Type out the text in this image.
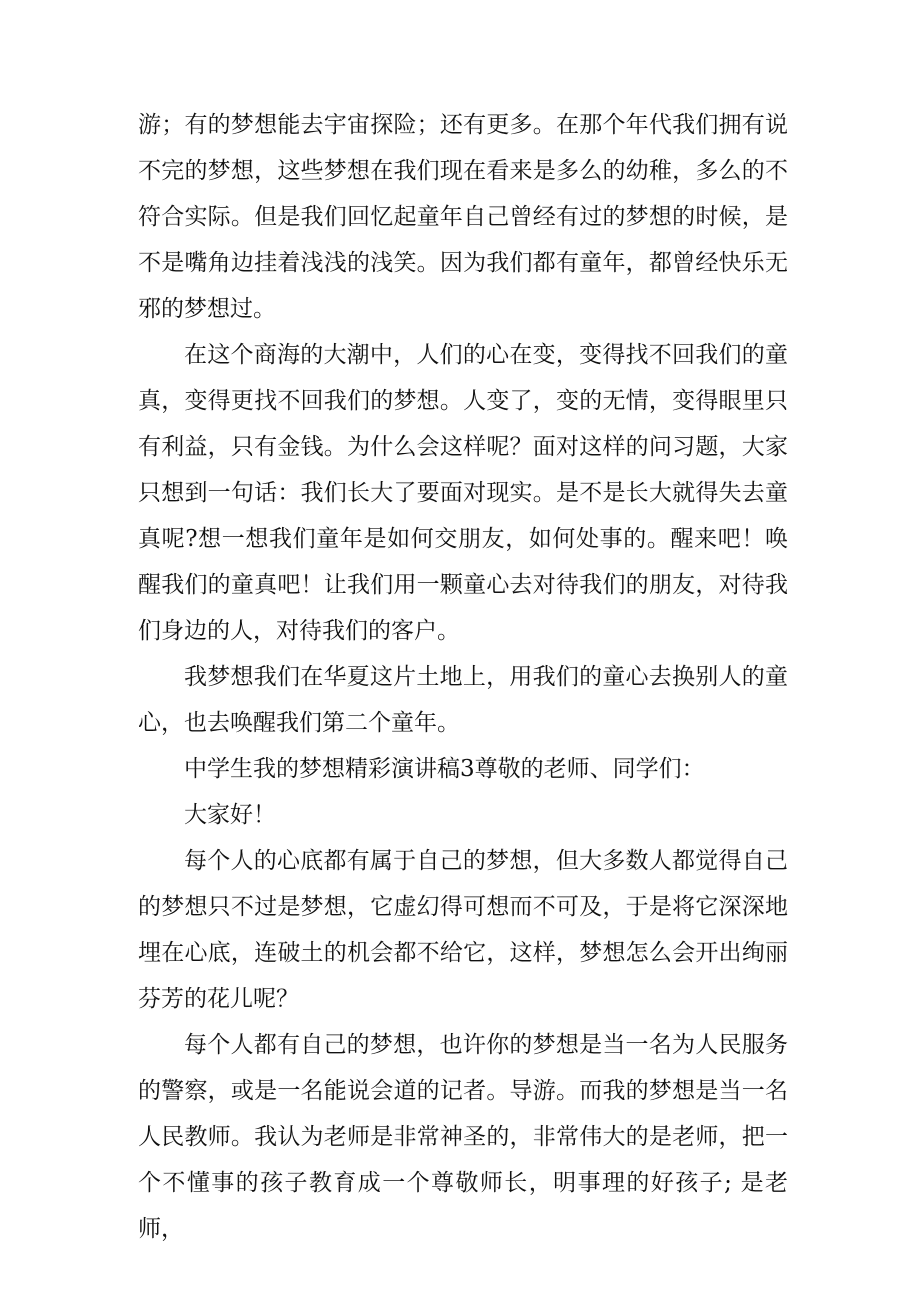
游；有的梦想能去宇宙探险；还有更多。在那个年代我们拥有说不完的梦想，这些梦想在我们现在看来是多么的幼稚，多么的不符合实际。但是我们回忆起童年自己曾经有过的梦想的时候，是不是嘴角边挂着浅浅的浅笑。因为我们都有童年，都曾经快乐无邪的梦想过。

在这个商海的大潮中，人们的心在变，变得找不回我们的童真，变得更找不回我们的梦想。人变了，变的无情，变得眼里只有利益，只有金钱。为什么会这样呢？面对这样的问习题，大家只想到一句话：我们长大了要面对现实。是不是长大就得失去童真呢?想一想我们童年是如何交朋友，如何处事的。醒来吧！唤醒我们的童真吧！让我们用一颗童心去对待我们的朋友，对待我们身边的人，对待我们的客户。

我梦想我们在华夏这片土地上，用我们的童心去换别人的童心，也去唤醒我们第二个童年。

中学生我的梦想精彩演讲稿3尊敬的老师、同学们：

大家好！

每个人的心底都有属于自己的梦想，但大多数人都觉得自己的梦想只不过是梦想，它虚幻得可想而不可及，于是将它深深地埋在心底，连破土的机会都不给它，这样，梦想怎么会开出绚丽芬芳的花儿呢？

每个人都有自己的梦想，也许你的梦想是当一名为人民服务的警察，或是一名能说会道的记者。导游。而我的梦想是当一名人民教师。我认为老师是非常神圣的，非常伟大的是老师，把一个不懂事的孩子教育成一个尊敬师长，明事理的好孩子; 是老师，
